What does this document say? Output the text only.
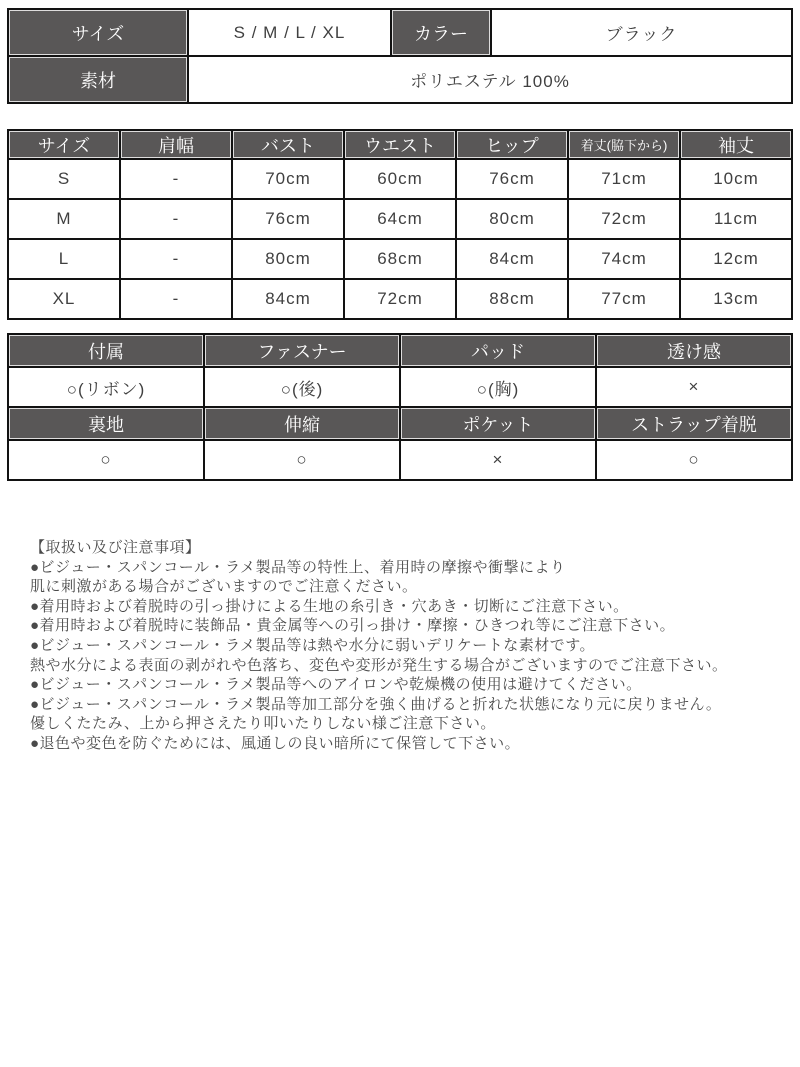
サイズ	S / M / L / XL	カラー	ブラック
素材	ポリエステル 100%		
サイズ	肩幅	バスト	ウエスト	ヒップ	着丈(脇下から)	袖丈
S	-	70cm	60cm	76cm	71cm	10cm
M	-	76cm	64cm	80cm	72cm	11cm
L	-	80cm	68cm	84cm	74cm	12cm
XL	-	84cm	72cm	88cm	77cm	13cm
付属	ファスナー	パッド	透け感
○(リボン)	○(後)	○(胸)	×
裏地	伸縮	ポケット	ストラップ着脱
○	○	×	○
【取扱い及び注意事項】
●ビジュー・スパンコール・ラメ製品等の特性上、着用時の摩擦や衝撃により
肌に刺激がある場合がございますのでご注意ください。
●着用時および着脱時の引っ掛けによる生地の糸引き・穴あき・切断にご注意下さい。
●着用時および着脱時に装飾品・貴金属等への引っ掛け・摩擦・ひきつれ等にご注意下さい。
●ビジュー・スパンコール・ラメ製品等は熱や水分に弱いデリケートな素材です。
熱や水分による表面の剥がれや色落ち、変色や変形が発生する場合がございますのでご注意下さい。
●ビジュー・スパンコール・ラメ製品等へのアイロンや乾燥機の使用は避けてください。
●ビジュー・スパンコール・ラメ製品等加工部分を強く曲げると折れた状態になり元に戻りません。
優しくたたみ、上から押さえたり叩いたりしない様ご注意下さい。
●退色や変色を防ぐためには、風通しの良い暗所にて保管して下さい。
